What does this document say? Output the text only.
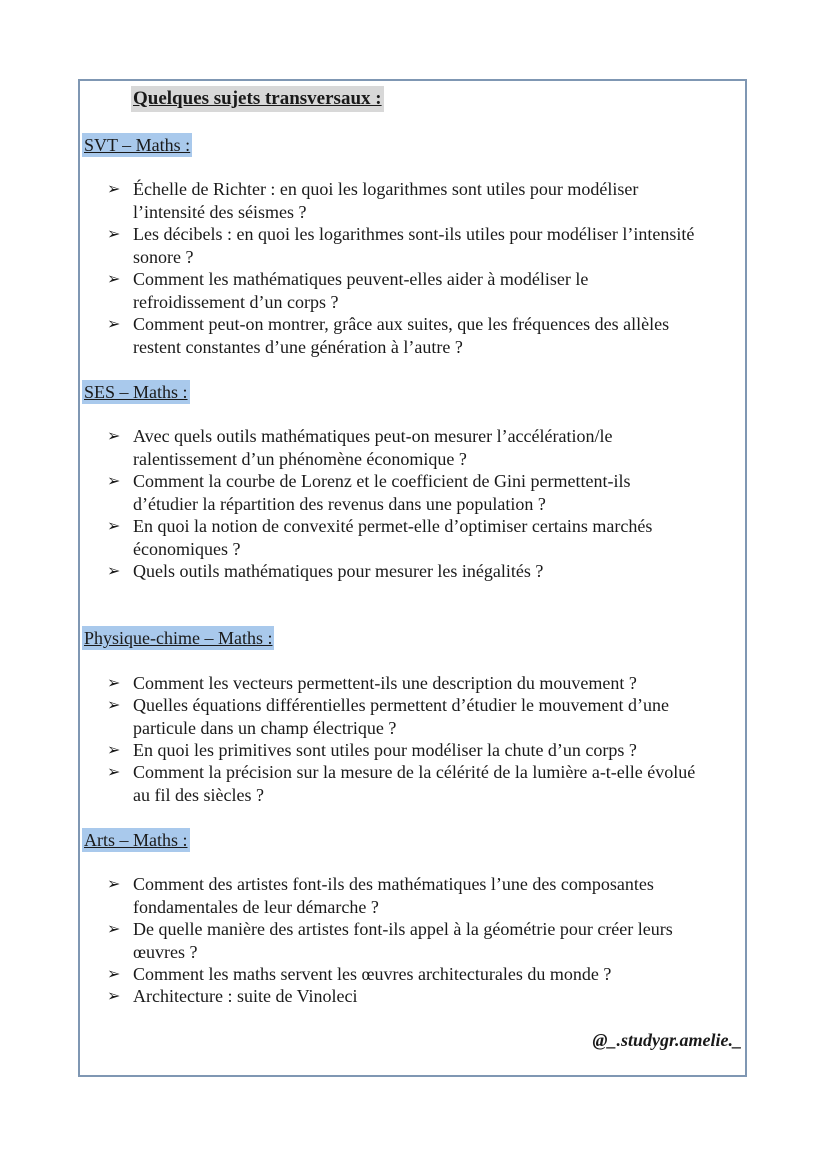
Quelques sujets transversaux :
SVT – Maths :
➢ Échelle de Richter : en quoi les logarithmes sont utiles pour modéliser
l’intensité des séismes ?
➢ Les décibels : en quoi les logarithmes sont-ils utiles pour modéliser l’intensité
sonore ?
➢ Comment les mathématiques peuvent-elles aider à modéliser le
refroidissement d’un corps ?
➢ Comment peut-on montrer, grâce aux suites, que les fréquences des allèles
restent constantes d’une génération à l’autre ?
SES – Maths :
➢ Avec quels outils mathématiques peut-on mesurer l’accélération/le
ralentissement d’un phénomène économique ?
➢ Comment la courbe de Lorenz et le coefficient de Gini permettent-ils
d’étudier la répartition des revenus dans une population ?
➢ En quoi la notion de convexité permet-elle d’optimiser certains marchés
économiques ?
➢ Quels outils mathématiques pour mesurer les inégalités ?
Physique-chime – Maths :
➢ Comment les vecteurs permettent-ils une description du mouvement ?
➢ Quelles équations différentielles permettent d’étudier le mouvement d’une
particule dans un champ électrique ?
➢ En quoi les primitives sont utiles pour modéliser la chute d’un corps ?
➢ Comment la précision sur la mesure de la célérité de la lumière a-t-elle évolué
au fil des siècles ?
Arts – Maths :
➢ Comment des artistes font-ils des mathématiques l’une des composantes
fondamentales de leur démarche ?
➢ De quelle manière des artistes font-ils appel à la géométrie pour créer leurs
œuvres ?
➢ Comment les maths servent les œuvres architecturales du monde ?
➢ Architecture : suite de Vinoleci
@_.studygr.amelie._
